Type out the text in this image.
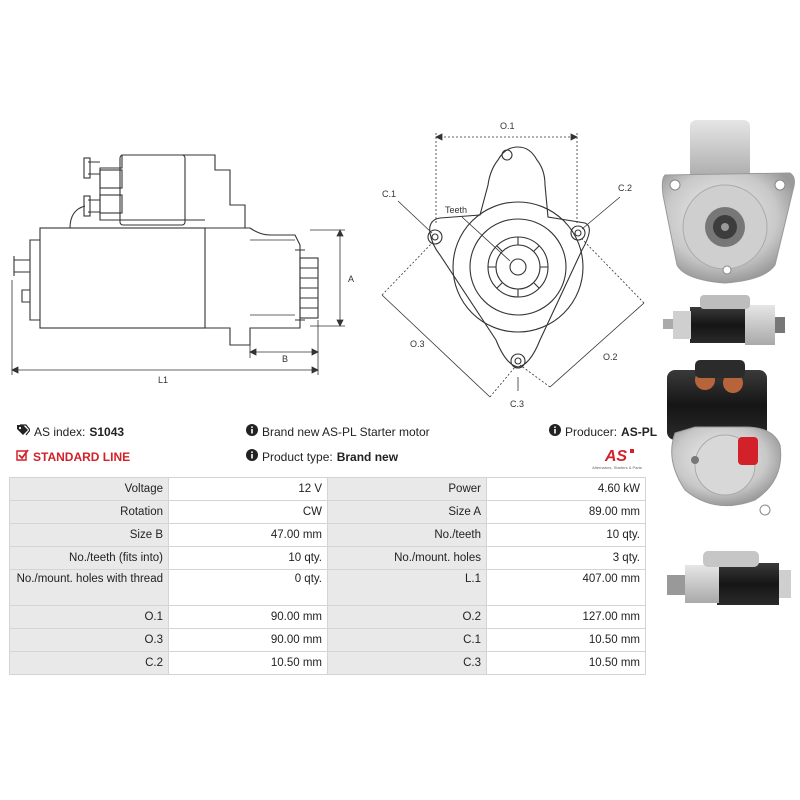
A
B
L1
O.1
C.1
C.2
Teeth
O.3
O.2
C.3
AS index: S1043
STANDARD LINE
Brand new AS-PL Starter motor
Product type: Brand new
Producer: AS-PL
AS
Alternators, Starters & Parts
Voltage	12 V	Power	4.60 kW
Rotation	CW	Size A	89.00 mm
Size B	47.00 mm	No./teeth	10 qty.
No./teeth (fits into)	10 qty.	No./mount. holes	3 qty.
No./mount. holes with thread	0 qty.	L.1	407.00 mm
O.1	90.00 mm	O.2	127.00 mm
O.3	90.00 mm	C.1	10.50 mm
C.2	10.50 mm	C.3	10.50 mm
